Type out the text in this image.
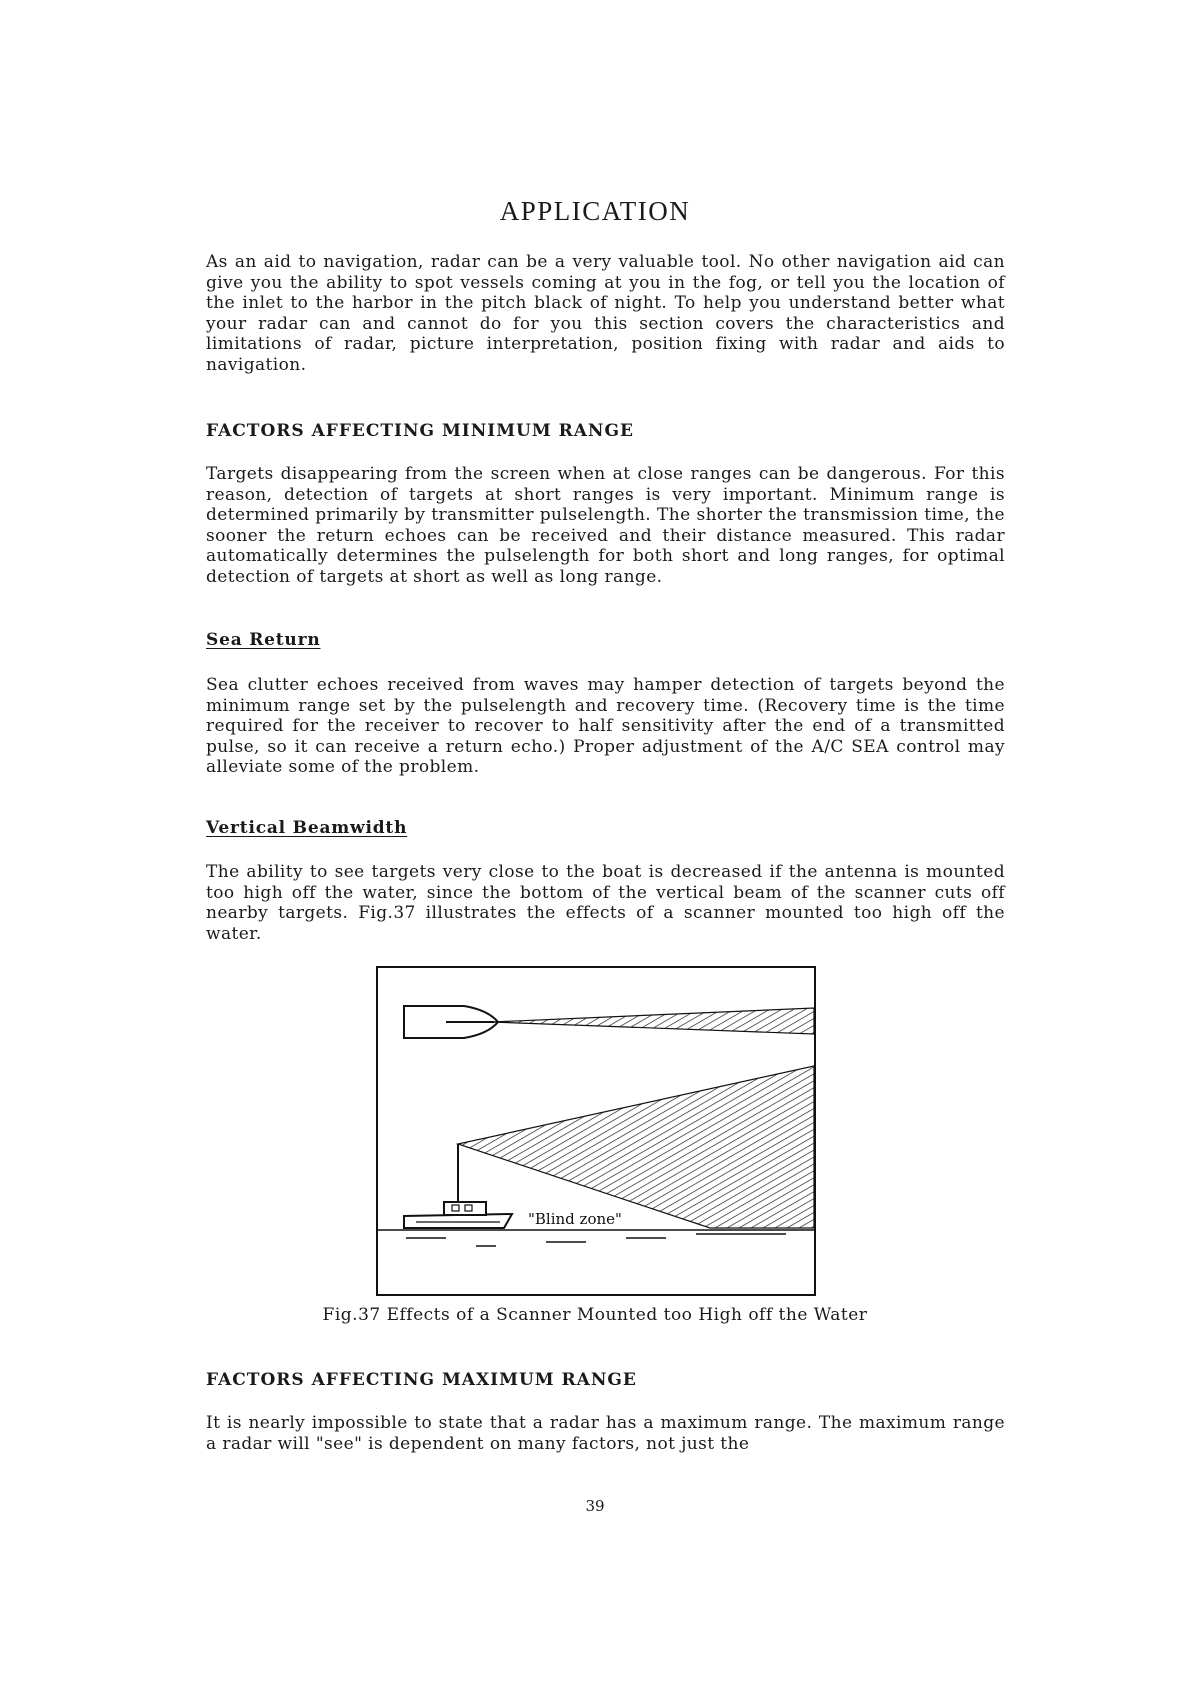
APPLICATION

As an aid to navigation, radar can be a very valuable tool. No other navigation aid can give you the ability to spot vessels coming at you in the fog, or tell you the location of the inlet to the harbor in the pitch black of night. To help you understand better what your radar can and cannot do for you this section covers the characteristics and limitations of radar, picture interpretation, position fixing with radar and aids to navigation.

FACTORS AFFECTING MINIMUM RANGE

Targets disappearing from the screen when at close ranges can be dangerous. For this reason, detection of targets at short ranges is very important. Minimum range is determined primarily by transmitter pulselength. The shorter the transmission time, the sooner the return echoes can be received and their distance measured. This radar automatically determines the pulselength for both short and long ranges, for optimal detection of targets at short as well as long range.

Sea Return

Sea clutter echoes received from waves may hamper detection of targets beyond the minimum range set by the pulselength and recovery time. (Recovery time is the time required for the receiver to recover to half sensitivity after the end of a transmitted pulse, so it can receive a return echo.) Proper adjustment of the A/C SEA control may alleviate some of the problem.

Vertical Beamwidth

The ability to see targets very close to the boat is decreased if the antenna is mounted too high off the water, since the bottom of the vertical beam of the scanner cuts off nearby targets. Fig.37 illustrates the effects of a scanner mounted too high off the water.

"Blind zone"
Fig.37 Effects of a Scanner Mounted too High off the Water
FACTORS AFFECTING MAXIMUM RANGE

It is nearly impossible to state that a radar has a maximum range. The maximum range a radar will "see" is dependent on many factors, not just the

39
